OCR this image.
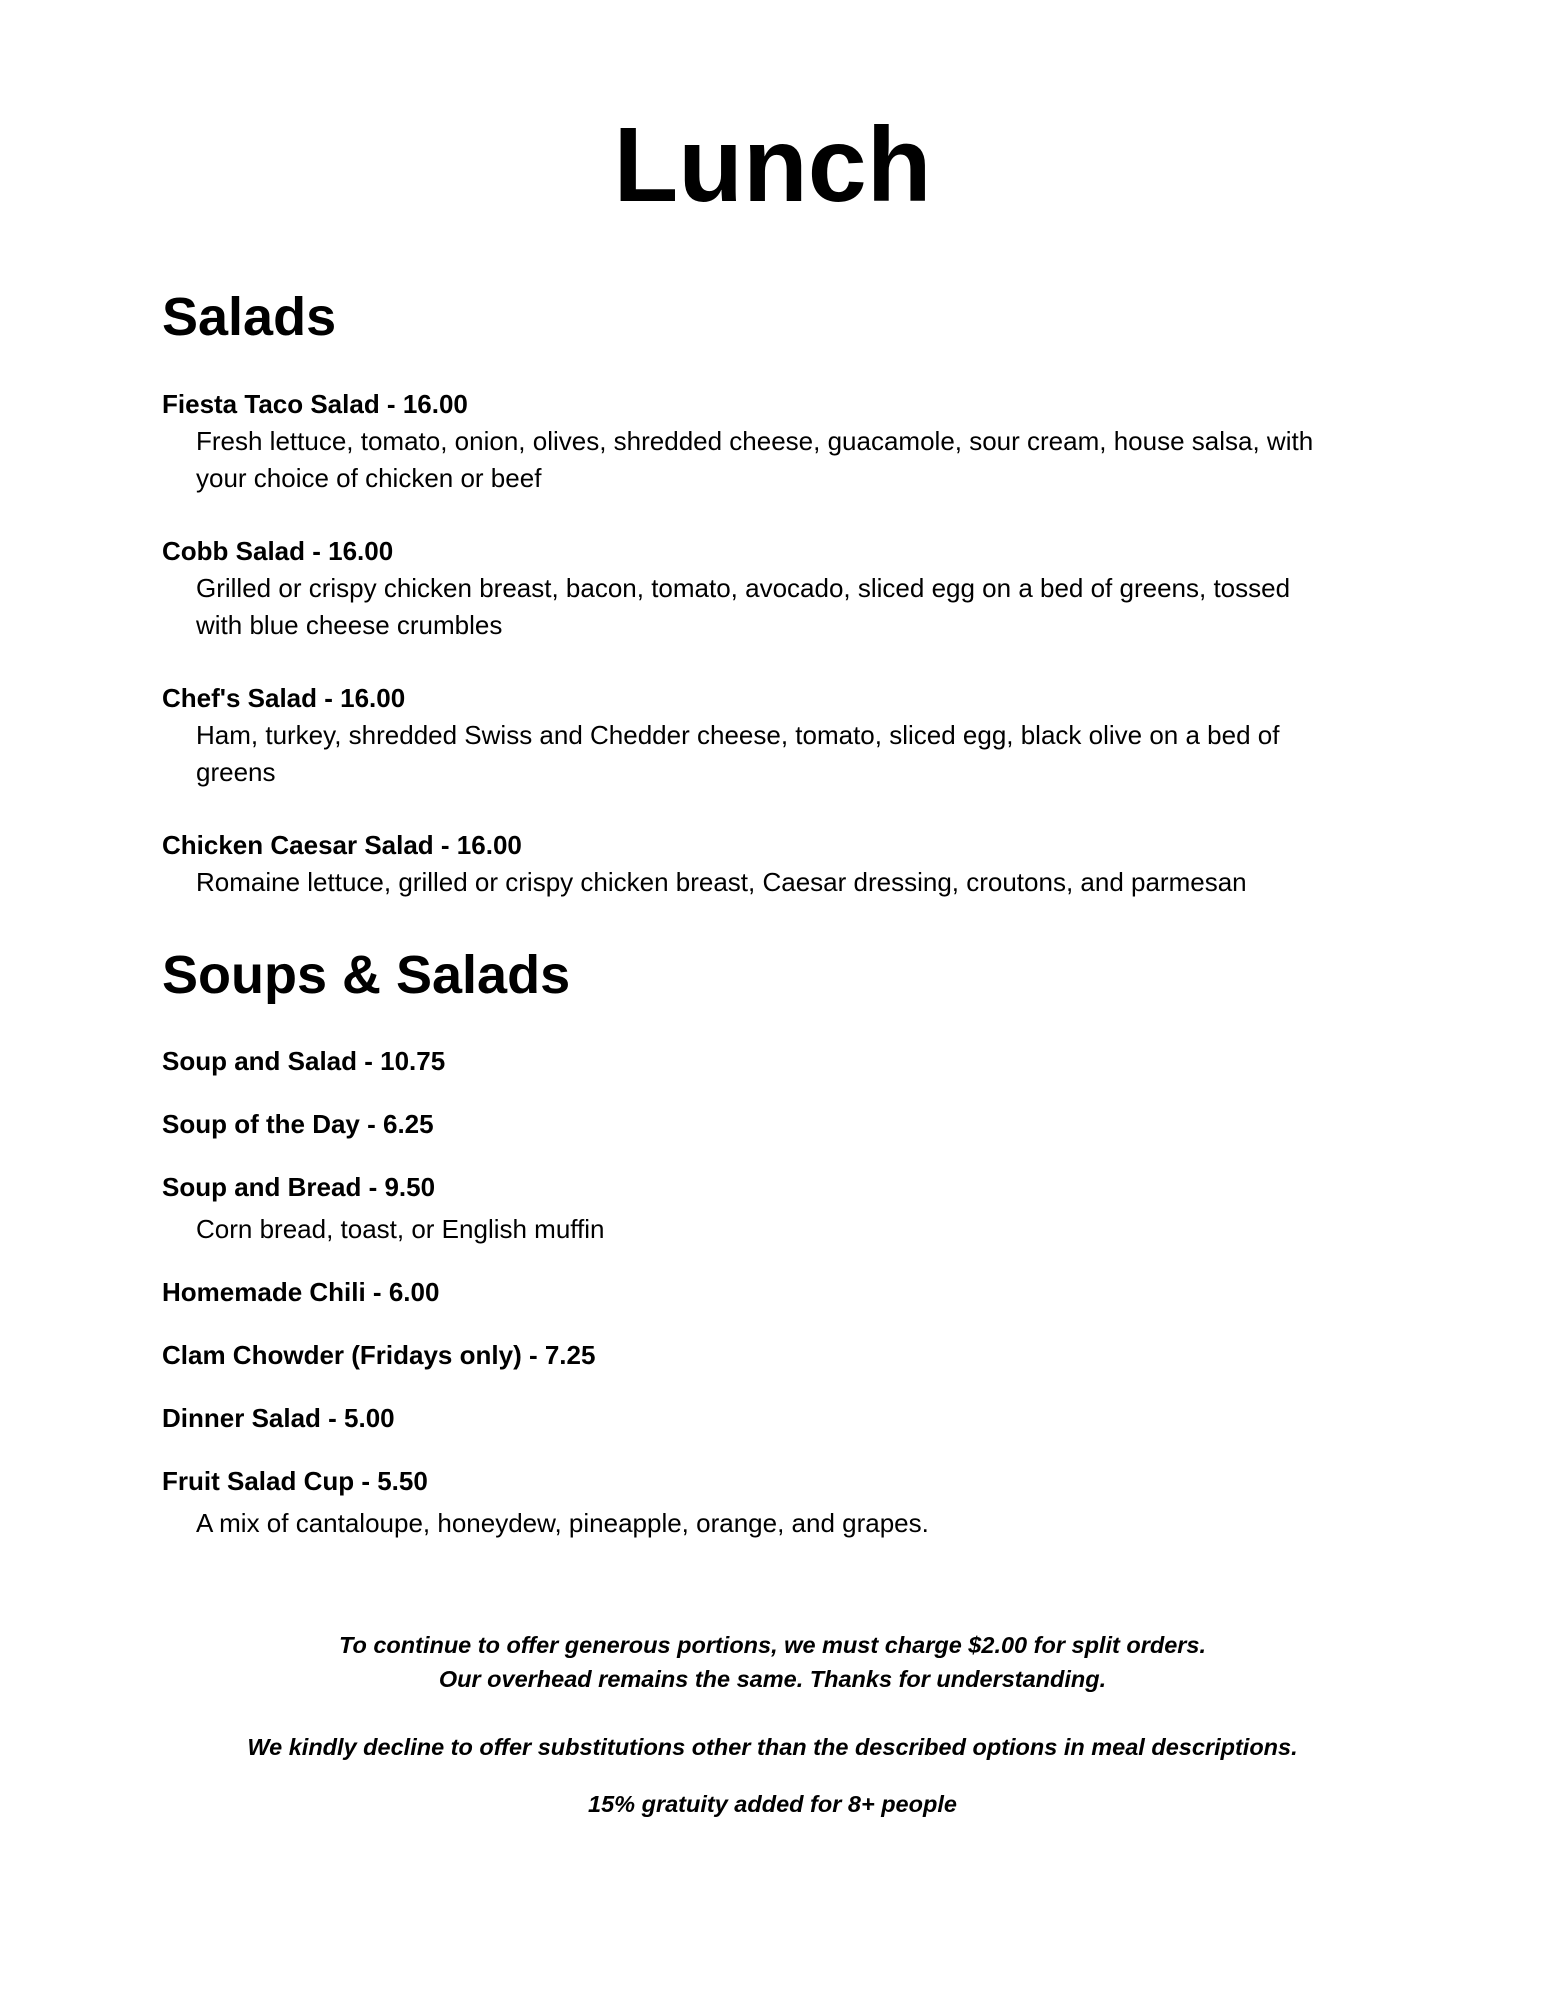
Lunch
Salads
Fiesta Taco Salad - 16.00
Fresh lettuce, tomato, onion, olives, shredded cheese, guacamole, sour cream, house salsa, with
your choice of chicken or beef
Cobb Salad - 16.00
Grilled or crispy chicken breast, bacon, tomato, avocado, sliced egg on a bed of greens, tossed
with blue cheese crumbles
Chef's Salad - 16.00
Ham, turkey, shredded Swiss and Chedder cheese, tomato, sliced egg, black olive on a bed of
greens
Chicken Caesar Salad - 16.00
Romaine lettuce, grilled or crispy chicken breast, Caesar dressing, croutons, and parmesan
Soups & Salads
Soup and Salad - 10.75
Soup of the Day - 6.25
Soup and Bread - 9.50
Corn bread, toast, or English muffin
Homemade Chili - 6.00
Clam Chowder (Fridays only) - 7.25
Dinner Salad - 5.00
Fruit Salad Cup - 5.50
A mix of cantaloupe, honeydew, pineapple, orange, and grapes.
To continue to offer generous portions, we must charge $2.00 for split orders.
Our overhead remains the same. Thanks for understanding.
We kindly decline to offer substitutions other than the described options in meal descriptions.
15% gratuity added for 8+ people
